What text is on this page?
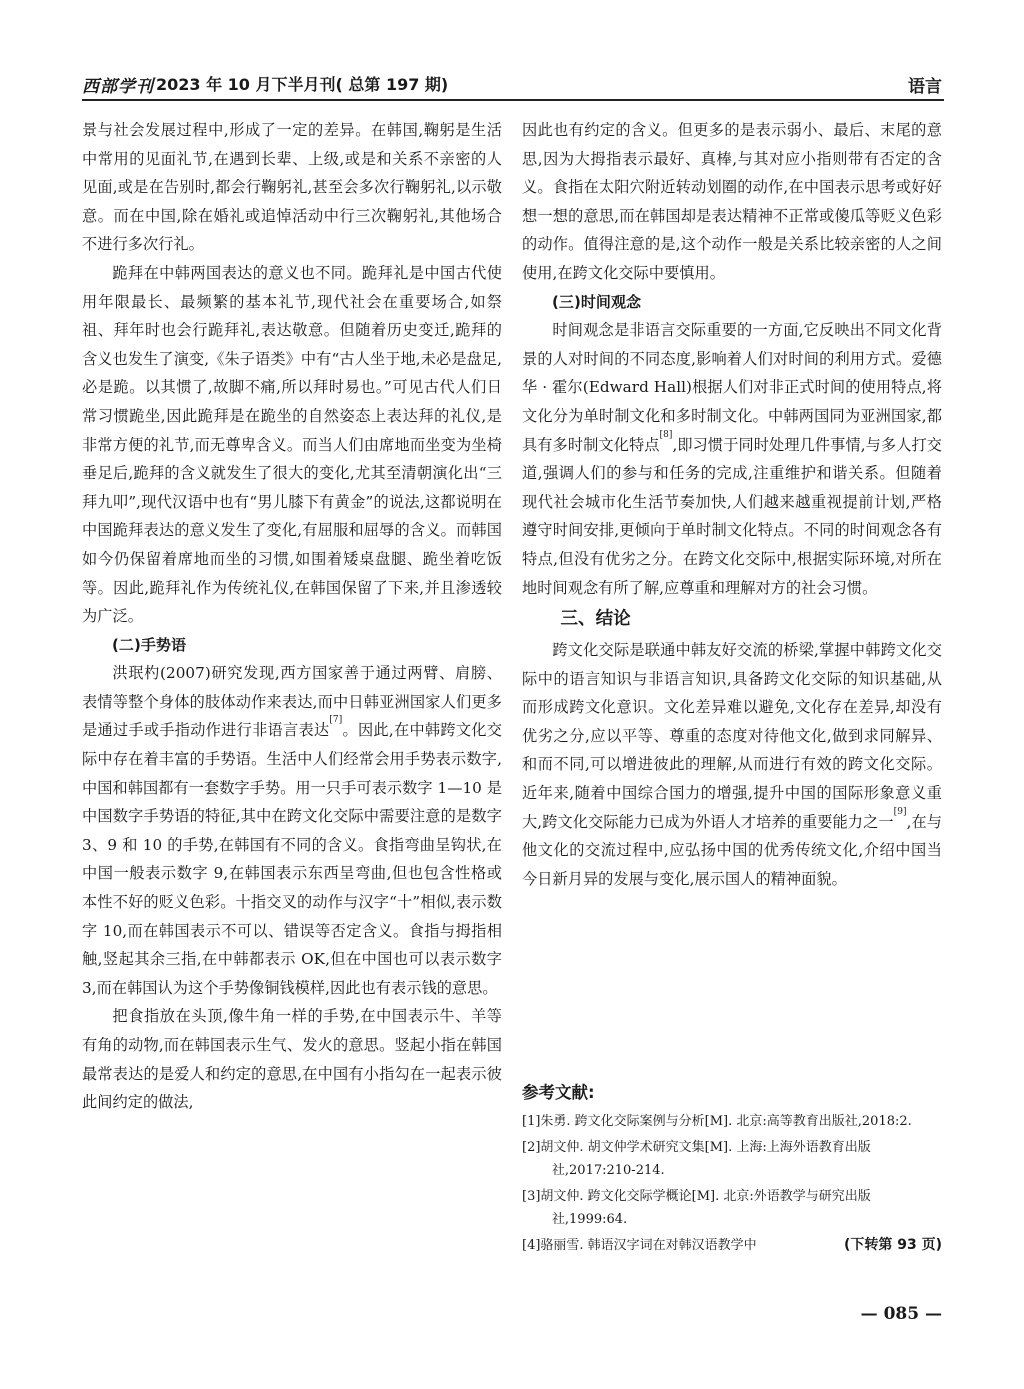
西部学刊 2023 年 10 月下半月刊( 总第 197 期)	语言

景与社会发展过程中,形成了一定的差异。在韩国,鞠躬是生活中常用的见面礼节,在遇到长辈、上级,或是和关系不亲密的人见面,或是在告别时,都会行鞠躬礼,甚至会多次行鞠躬礼,以示敬意。而在中国,除在婚礼或追悼活动中行三次鞠躬礼,其他场合不进行多次行礼。

跪拜在中韩两国表达的意义也不同。跪拜礼是中国古代使用年限最长、最频繁的基本礼节,现代社会在重要场合,如祭祖、拜年时也会行跪拜礼,表达敬意。但随着历史变迁,跪拜的含义也发生了演变,《朱子语类》中有“古人坐于地,未必是盘足,必是跪。以其惯了,故脚不痛,所以拜时易也。”可见古代人们日常习惯跪坐,因此跪拜是在跪坐的自然姿态上表达拜的礼仪,是非常方便的礼节,而无尊卑含义。而当人们由席地而坐变为坐椅垂足后,跪拜的含义就发生了很大的变化,尤其至清朝演化出“三拜九叩”,现代汉语中也有“男儿膝下有黄金”的说法,这都说明在中国跪拜表达的意义发生了变化,有屈服和屈辱的含义。而韩国如今仍保留着席地而坐的习惯,如围着矮桌盘腿、跪坐着吃饭等。因此,跪拜礼作为传统礼仪,在韩国保留了下来,并且渗透较为广泛。

(二)手势语

洪珉杓(2007)研究发现,西方国家善于通过两臂、肩膀、表情等整个身体的肢体动作来表达,而中日韩亚洲国家人们更多是通过手或手指动作进行非语言表达[7]。因此,在中韩跨文化交际中存在着丰富的手势语。生活中人们经常会用手势表示数字,中国和韩国都有一套数字手势。用一只手可表示数字 1—10 是中国数字手势语的特征,其中在跨文化交际中需要注意的是数字 3、9 和 10 的手势,在韩国有不同的含义。食指弯曲呈钩状,在中国一般表示数字 9,在韩国表示东西呈弯曲,但也包含性格或本性不好的贬义色彩。十指交叉的动作与汉字“十”相似,表示数字 10,而在韩国表示不可以、错误等否定含义。食指与拇指相触,竖起其余三指,在中韩都表示 OK,但在中国也可以表示数字 3,而在韩国认为这个手势像铜钱模样,因此也有表示钱的意思。

把食指放在头顶,像牛角一样的手势,在中国表示牛、羊等有角的动物,而在韩国表示生气、发火的意思。竖起小指在韩国最常表达的是爱人和约定的意思,在中国有小指勾在一起表示彼此间约定的做法,

因此也有约定的含义。但更多的是表示弱小、最后、末尾的意思,因为大拇指表示最好、真棒,与其对应小指则带有否定的含义。食指在太阳穴附近转动划圈的动作,在中国表示思考或好好想一想的意思,而在韩国却是表达精神不正常或傻瓜等贬义色彩的动作。值得注意的是,这个动作一般是关系比较亲密的人之间使用,在跨文化交际中要慎用。

(三)时间观念

时间观念是非语言交际重要的一方面,它反映出不同文化背景的人对时间的不同态度,影响着人们对时间的利用方式。爱德华 · 霍尔(Edward Hall)根据人们对非正式时间的使用特点,将文化分为单时制文化和多时制文化。中韩两国同为亚洲国家,都具有多时制文化特点[8],即习惯于同时处理几件事情,与多人打交道,强调人们的参与和任务的完成,注重维护和谐关系。但随着现代社会城市化生活节奏加快,人们越来越重视提前计划,严格遵守时间安排,更倾向于单时制文化特点。不同的时间观念各有特点,但没有优劣之分。在跨文化交际中,根据实际环境,对所在地时间观念有所了解,应尊重和理解对方的社会习惯。

三、结论

跨文化交际是联通中韩友好交流的桥梁,掌握中韩跨文化交际中的语言知识与非语言知识,具备跨文化交际的知识基础,从而形成跨文化意识。文化差异难以避免,文化存在差异,却没有优劣之分,应以平等、尊重的态度对待他文化,做到求同解异、和而不同,可以增进彼此的理解,从而进行有效的跨文化交际。近年来,随着中国综合国力的增强,提升中国的国际形象意义重大,跨文化交际能力已成为外语人才培养的重要能力之一[9],在与他文化的交流过程中,应弘扬中国的优秀传统文化,介绍中国当今日新月异的发展与变化,展示国人的精神面貌。

参考文献:
[1]朱勇. 跨文化交际案例与分析[M]. 北京:高等教育出版社,2018:2.
[2]胡文仲. 胡文仲学术研究文集[M]. 上海:上海外语教育出版社,2017:210-214.
[3]胡文仲. 跨文化交际学概论[M]. 北京:外语教学与研究出版社,1999:64.
(下转第 93 页)
[4]骆丽雪. 韩语汉字词在对韩汉语教学中
— 085 —
